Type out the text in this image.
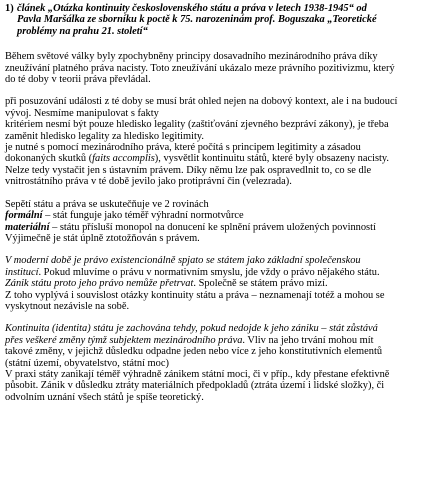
1) článek „Otázka kontinuity československého státu a práva v letech 1938-1945“ od
Pavla Maršálka ze sborníku k poctě k 75. narozeninám prof. Boguszaka „Teoretické
problémy na prahu 21. století“

Během světové války byly zpochybněny principy dosavadního mezinárodního práva díky
zneužívání platného práva nacisty. Toto zneužívání ukázalo meze právního pozitivizmu, který
do té doby v teorii práva převládal.

při posuzování události z té doby se musí brát ohled nejen na dobový kontext, ale i na budoucí
vývoj. Nesmíme manipulovat s fakty
kritériem nesmí být pouze hledisko legality (zaštiťování zjevného bezpráví zákony), je třeba
zaměnit hledisko legality za hledisko legitimity.
je nutné s pomocí mezinárodního práva, které počítá s principem legitimity a zásadou
dokonaných skutků (faits accomplis), vysvětlit kontinuitu států, které byly obsazeny nacisty.
Nelze tedy vystačit jen s ústavním právem. Díky němu lze pak ospravedlnit to, co se dle
vnitrostátního práva v té době jevilo jako protiprávní čin (velezrada).

Sepětí státu a práva se uskutečňuje ve 2 rovinách
formální – stát funguje jako téměř výhradní normotvůrce
materiální – státu přísluší monopol na donucení ke splnění právem uložených povinností
Výjimečně je stát úplně ztotožňován s právem.

V moderní době je právo existencionálně spjato se státem jako základní společenskou
institucí. Pokud mluvíme o právu v normativním smyslu, jde vždy o právo nějakého státu.
Zánik státu proto jeho právo nemůže přetrvat. Společně se státem právo mizí.
Z toho vyplývá i souvislost otázky kontinuity státu a práva – neznamenají totéž a mohou se
vyskytnout nezávisle na sobě.

Kontinuita (identita) státu je zachována tehdy, pokud nedojde k jeho zániku – stát zůstává
přes veškeré změny týmž subjektem mezinárodního práva. Vliv na jeho trvání mohou mít
takové změny, v jejichž důsledku odpadne jeden nebo více z jeho konstitutivních elementů
(státní území, obyvatelstvo, státní moc)
V praxi státy zanikají téměř výhradně zánikem státní moci, či v příp., kdy přestane efektivně
působit. Zánik v důsledku ztráty materiálních předpokladů (ztráta území i lidské složky), či
odvolním uznání všech států je spíše teoretický.
